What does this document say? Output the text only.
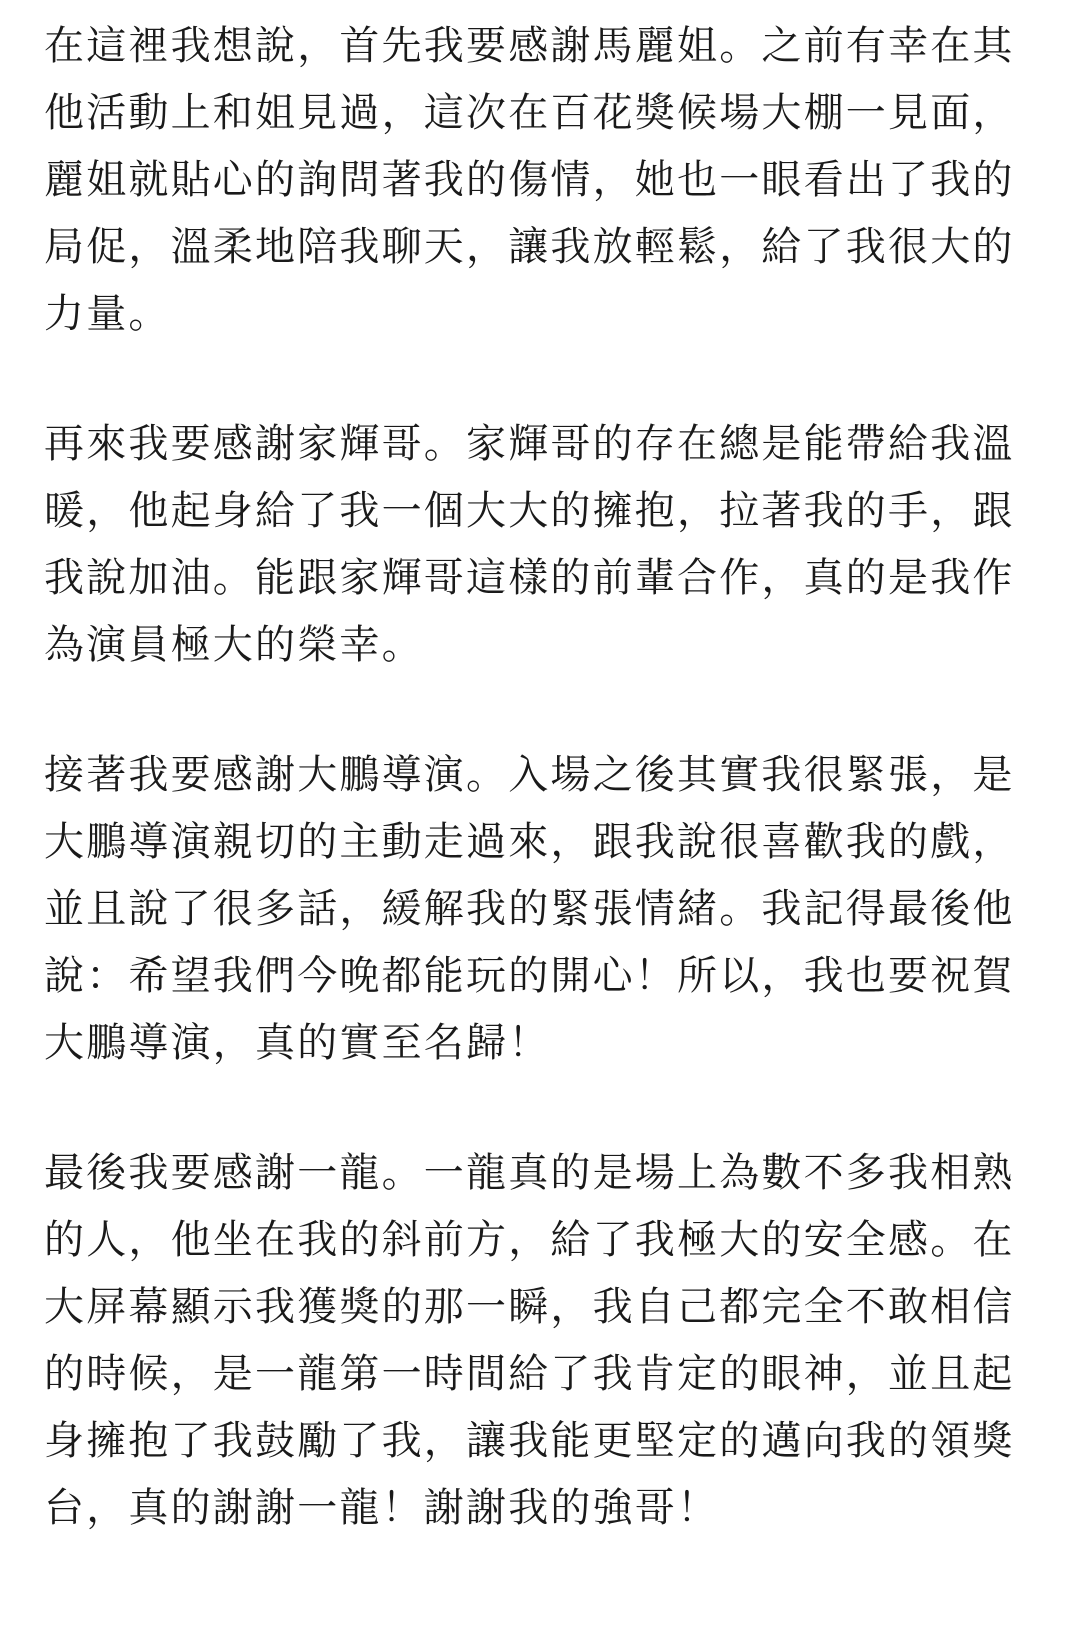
在這裡我想說，首先我要感謝馬麗姐。之前有幸在其

他活動上和姐見過，這次在百花獎候場大棚一見面，

麗姐就貼心的詢問著我的傷情，她也一眼看出了我的

局促，溫柔地陪我聊天，讓我放輕鬆，給了我很大的

力量。

再來我要感謝家輝哥。家輝哥的存在總是能帶給我溫

暖，他起身給了我一個大大的擁抱，拉著我的手，跟

我說加油。能跟家輝哥這樣的前輩合作，真的是我作

為演員極大的榮幸。

接著我要感謝大鵬導演。入場之後其實我很緊張，是

大鵬導演親切的主動走過來，跟我說很喜歡我的戲，

並且說了很多話，緩解我的緊張情緒。我記得最後他

說：希望我們今晚都能玩的開心！所以，我也要祝賀

大鵬導演，真的實至名歸！

最後我要感謝一龍。一龍真的是場上為數不多我相熟

的人，他坐在我的斜前方，給了我極大的安全感。在

大屏幕顯示我獲獎的那一瞬，我自己都完全不敢相信

的時候，是一龍第一時間給了我肯定的眼神，並且起

身擁抱了我鼓勵了我，讓我能更堅定的邁向我的領獎

台，真的謝謝一龍！謝謝我的強哥！
